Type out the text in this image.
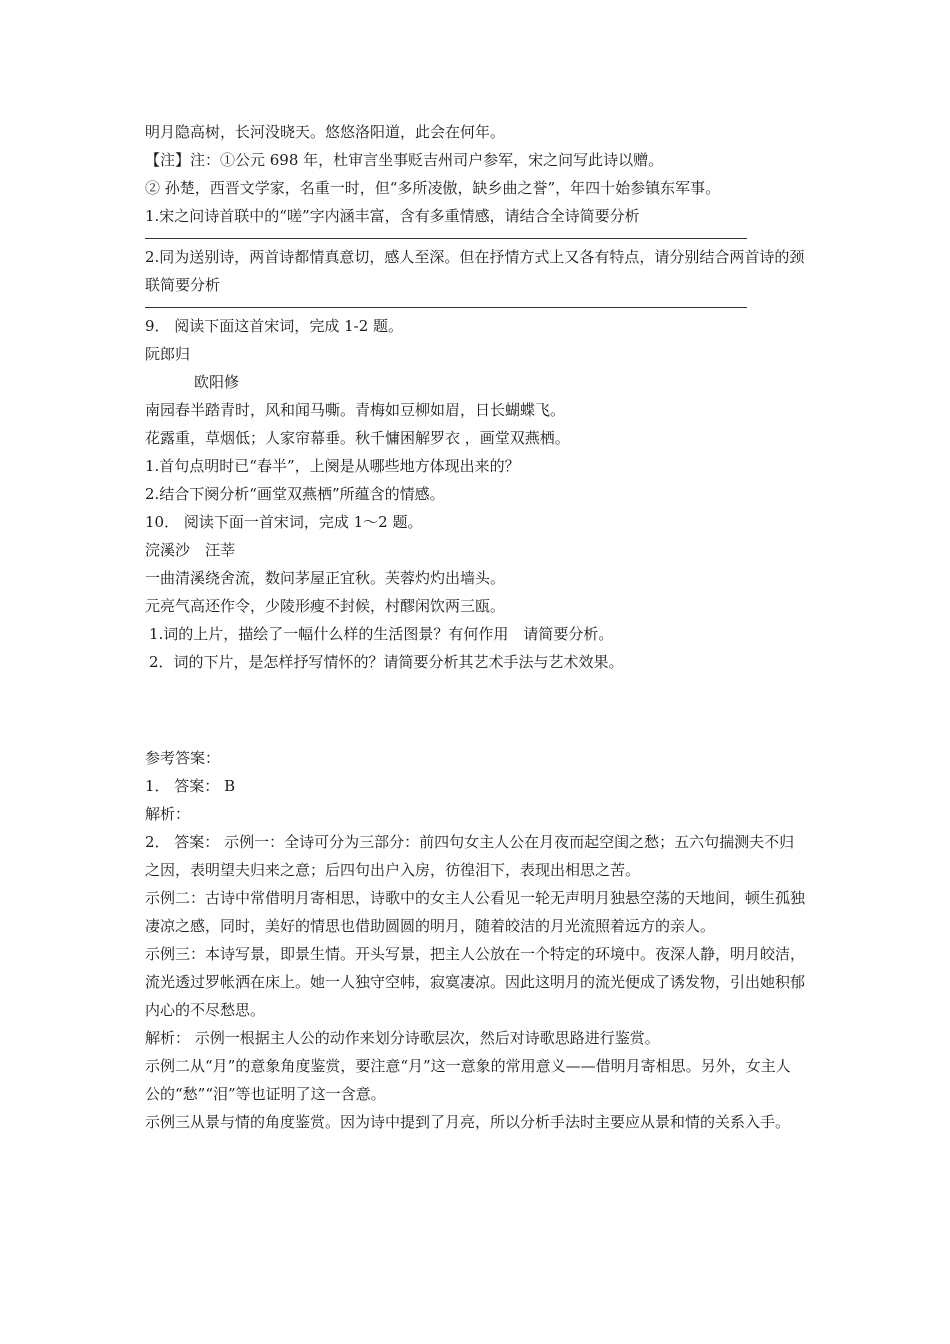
明月隐高树，长河没晓天。悠悠洛阳道，此会在何年。
【注】注：①公元 698 年，杜审言坐事贬吉州司户参军，宋之问写此诗以赠。
② 孙楚，西晋文学家，名重一时，但“多所凌傲，缺乡曲之誉”，年四十始参镇东军事。
1.宋之问诗首联中的“嗟”字内涵丰富，含有多重情感，请结合全诗简要分析
2.同为送别诗，两首诗都情真意切，感人至深。但在抒情方式上又各有特点，请分别结合两首诗的颈联简要分析
9． 阅读下面这首宋词，完成 1-2 题。
阮郎归
欧阳修
南园春半踏青时，风和闻马嘶。青梅如豆柳如眉，日长蝴蝶飞。
花露重，草烟低；人家帘幕垂。秋千慵困解罗衣 ，画堂双燕栖。
1.首句点明时已“春半”，上阕是从哪些地方体现出来的？
2.结合下阕分析“画堂双燕栖”所蕴含的情感。
10． 阅读下面一首宋词，完成 1～2 题。
浣溪沙　汪莘
一曲清溪绕舍流，数问茅屋正宜秋。芙蓉灼灼出墙头。
元亮气高还作令，少陵形瘦不封候，村醪闲饮两三瓯。
1.词的上片，描绘了一幅什么样的生活图景？有何作用　请简要分析。
2．词的下片，是怎样抒写情怀的？请简要分析其艺术手法与艺术效果。
参考答案：
1． 答案： B
解析：
2． 答案： 示例一：全诗可分为三部分：前四句女主人公在月夜而起空闺之愁；五六句揣测夫不归之因，表明望夫归来之意；后四句出户入房，彷徨泪下，表现出相思之苦。
示例二：古诗中常借明月寄相思，诗歌中的女主人公看见一轮无声明月独悬空荡的天地间，顿生孤独凄凉之感，同时，美好的情思也借助圆圆的明月，随着皎洁的月光流照着远方的亲人。
示例三：本诗写景，即景生情。开头写景，把主人公放在一个特定的环境中。夜深人静，明月皎洁，流光透过罗帐洒在床上。她一人独守空帏，寂寞凄凉。因此这明月的流光便成了诱发物，引出她积郁内心的不尽愁思。
解析： 示例一根据主人公的动作来划分诗歌层次，然后对诗歌思路进行鉴赏。
示例二从“月”的意象角度鉴赏，要注意“月”这一意象的常用意义——借明月寄相思。另外，女主人公的“愁”“泪”等也证明了这一含意。
示例三从景与情的角度鉴赏。因为诗中提到了月亮，所以分析手法时主要应从景和情的关系入手。
